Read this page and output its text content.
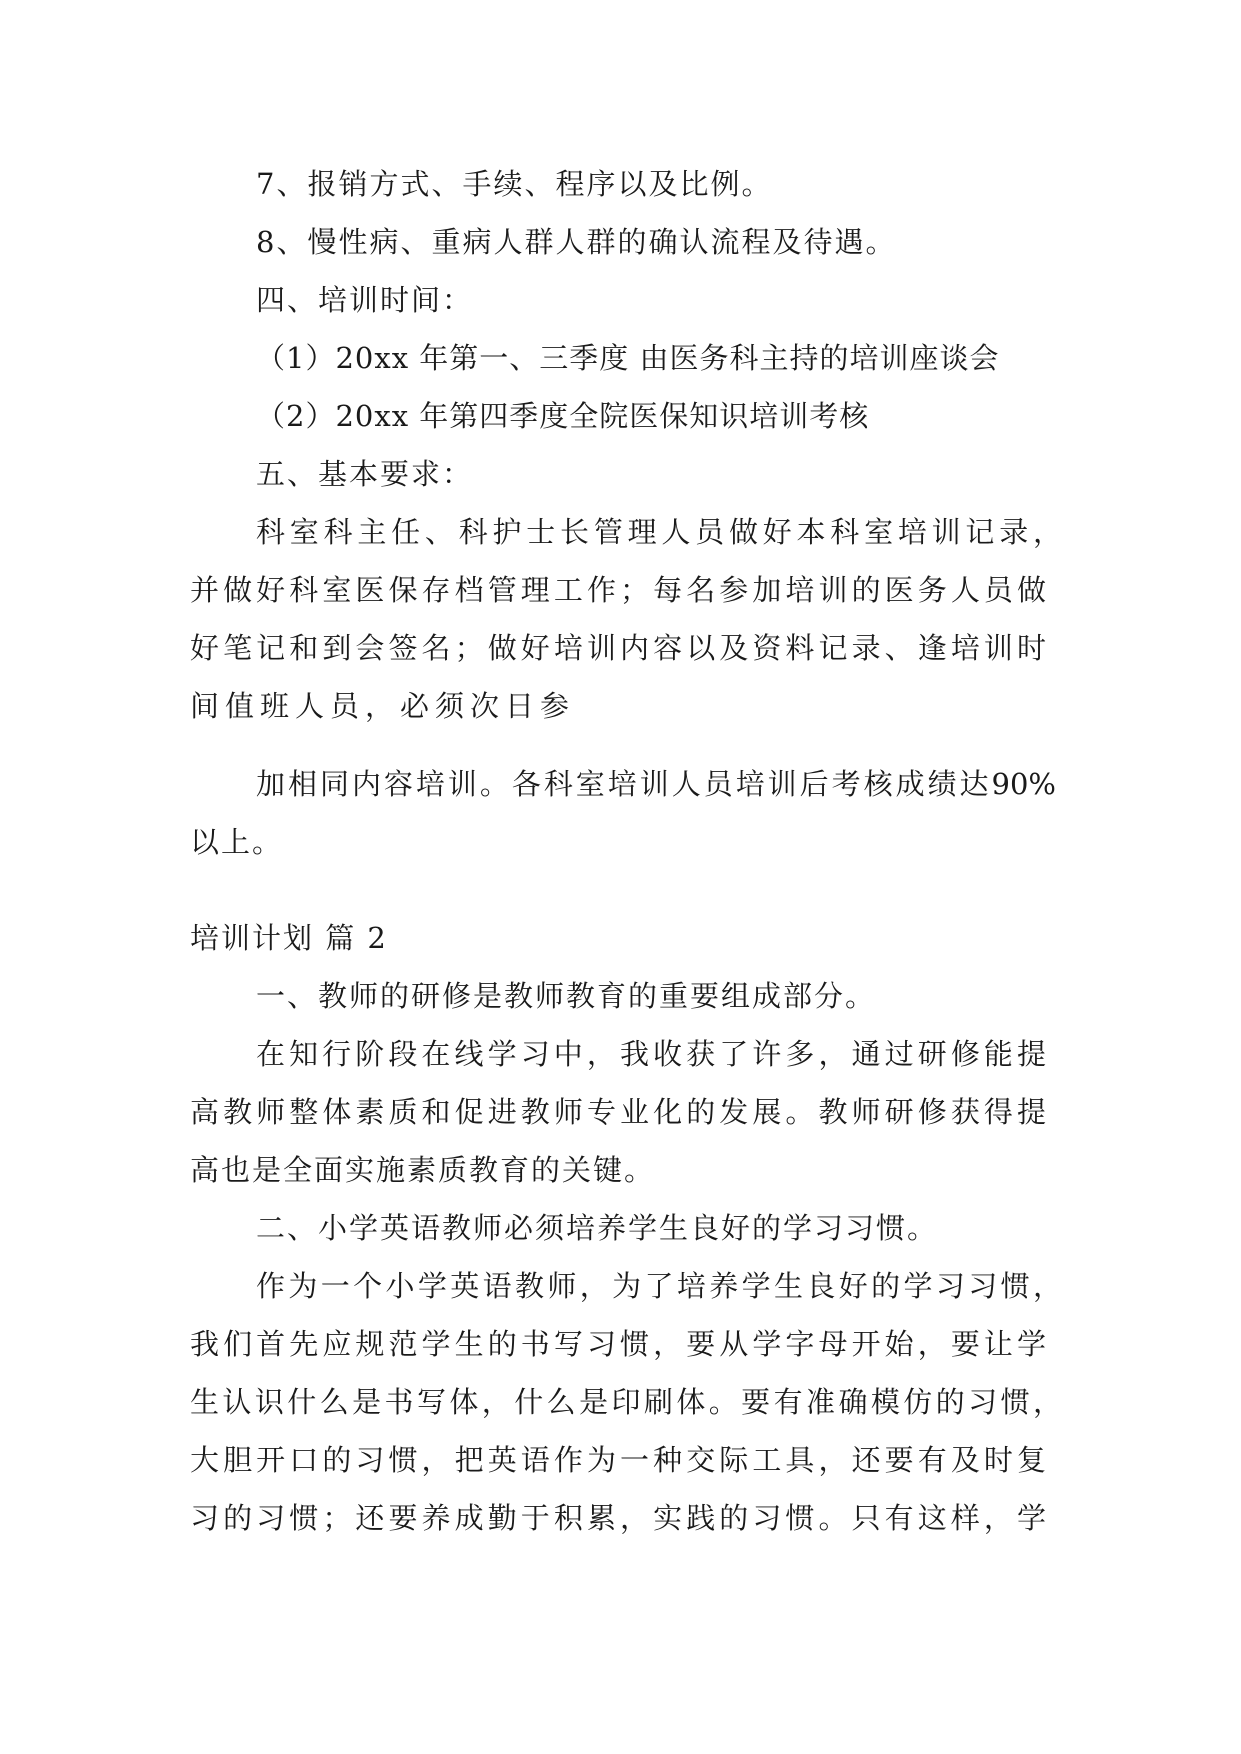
7、报销方式、手续、程序以及比例。
8、慢性病、重病人群人群的确认流程及待遇。
四、培训时间：
（1）20xx 年第一、三季度 由医务科主持的培训座谈会
（2）20xx 年第四季度全院医保知识培训考核
五、基本要求：
科室科主任、科护士长管理人员做好本科室培训记录，
并做好科室医保存档管理工作；每名参加培训的医务人员做
好笔记和到会签名；做好培训内容以及资料记录、逢培训时
间值班人员，必须次日参
加相同内容培训。各科室培训人员培训后考核成绩达90%
以上。
培训计划 篇 2
一、教师的研修是教师教育的重要组成部分。
在知行阶段在线学习中，我收获了许多，通过研修能提
高教师整体素质和促进教师专业化的发展。教师研修获得提
高也是全面实施素质教育的关键。
二、小学英语教师必须培养学生良好的学习习惯。
作为一个小学英语教师，为了培养学生良好的学习习惯，
我们首先应规范学生的书写习惯，要从学字母开始，要让学
生认识什么是书写体，什么是印刷体。要有准确模仿的习惯，
大胆开口的习惯，把英语作为一种交际工具，还要有及时复
习的习惯；还要养成勤于积累，实践的习惯。只有这样，学
